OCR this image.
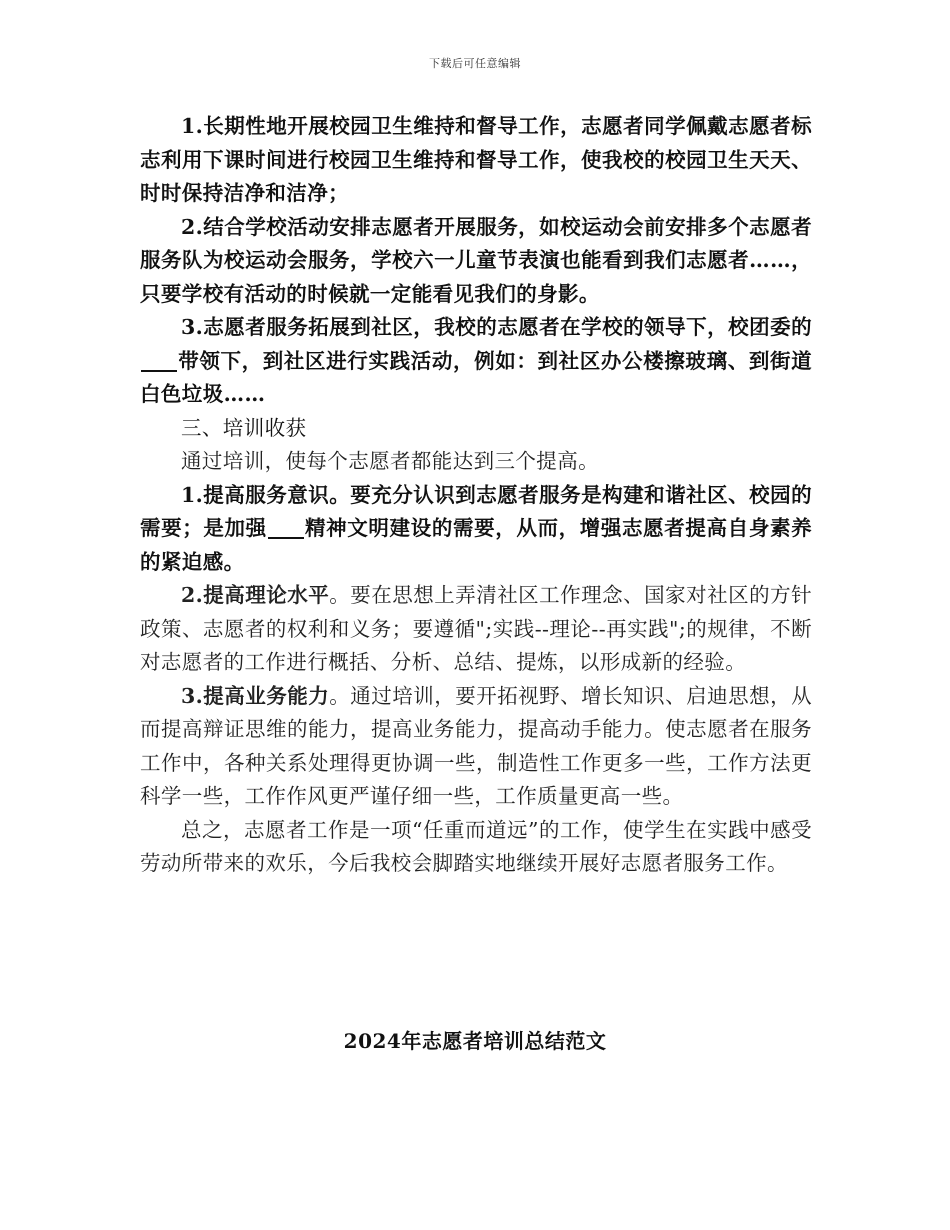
下载后可任意编辑

1.长期性地开展校园卫生维持和督导工作，志愿者同学佩戴志愿者标志利用下课时间进行校园卫生维持和督导工作，使我校的校园卫生天天、时时保持洁净和洁净；

2.结合学校活动安排志愿者开展服务，如校运动会前安排多个志愿者服务队为校运动会服务，学校六一儿童节表演也能看到我们志愿者……，只要学校有活动的时候就一定能看见我们的身影。

3.志愿者服务拓展到社区，我校的志愿者在学校的领导下，校团委的带领下，到社区进行实践活动，例如：到社区办公楼擦玻璃、到街道白色垃圾……

三、培训收获

通过培训，使每个志愿者都能达到三个提高。

1.提高服务意识。要充分认识到志愿者服务是构建和谐社区、校园的需要；是加强 精神文明建设的需要，从而，增强志愿者提高自身素养的紧迫感。

2.提高理论水平。要在思想上弄清社区工作理念、国家对社区的方针政策、志愿者的权利和义务；要遵循";实践--理论--再实践";的规律，不断对志愿者的工作进行概括、分析、总结、提炼，以形成新的经验。

3.提高业务能力。通过培训，要开拓视野、增长知识、启迪思想，从而提高辩证思维的能力，提高业务能力，提高动手能力。使志愿者在服务工作中，各种关系处理得更协调一些，制造性工作更多一些，工作方法更科学一些，工作作风更严谨仔细一些，工作质量更高一些。

总之，志愿者工作是一项“任重而道远”的工作，使学生在实践中感受劳动所带来的欢乐，今后我校会脚踏实地继续开展好志愿者服务工作。

2024年志愿者培训总结范文
